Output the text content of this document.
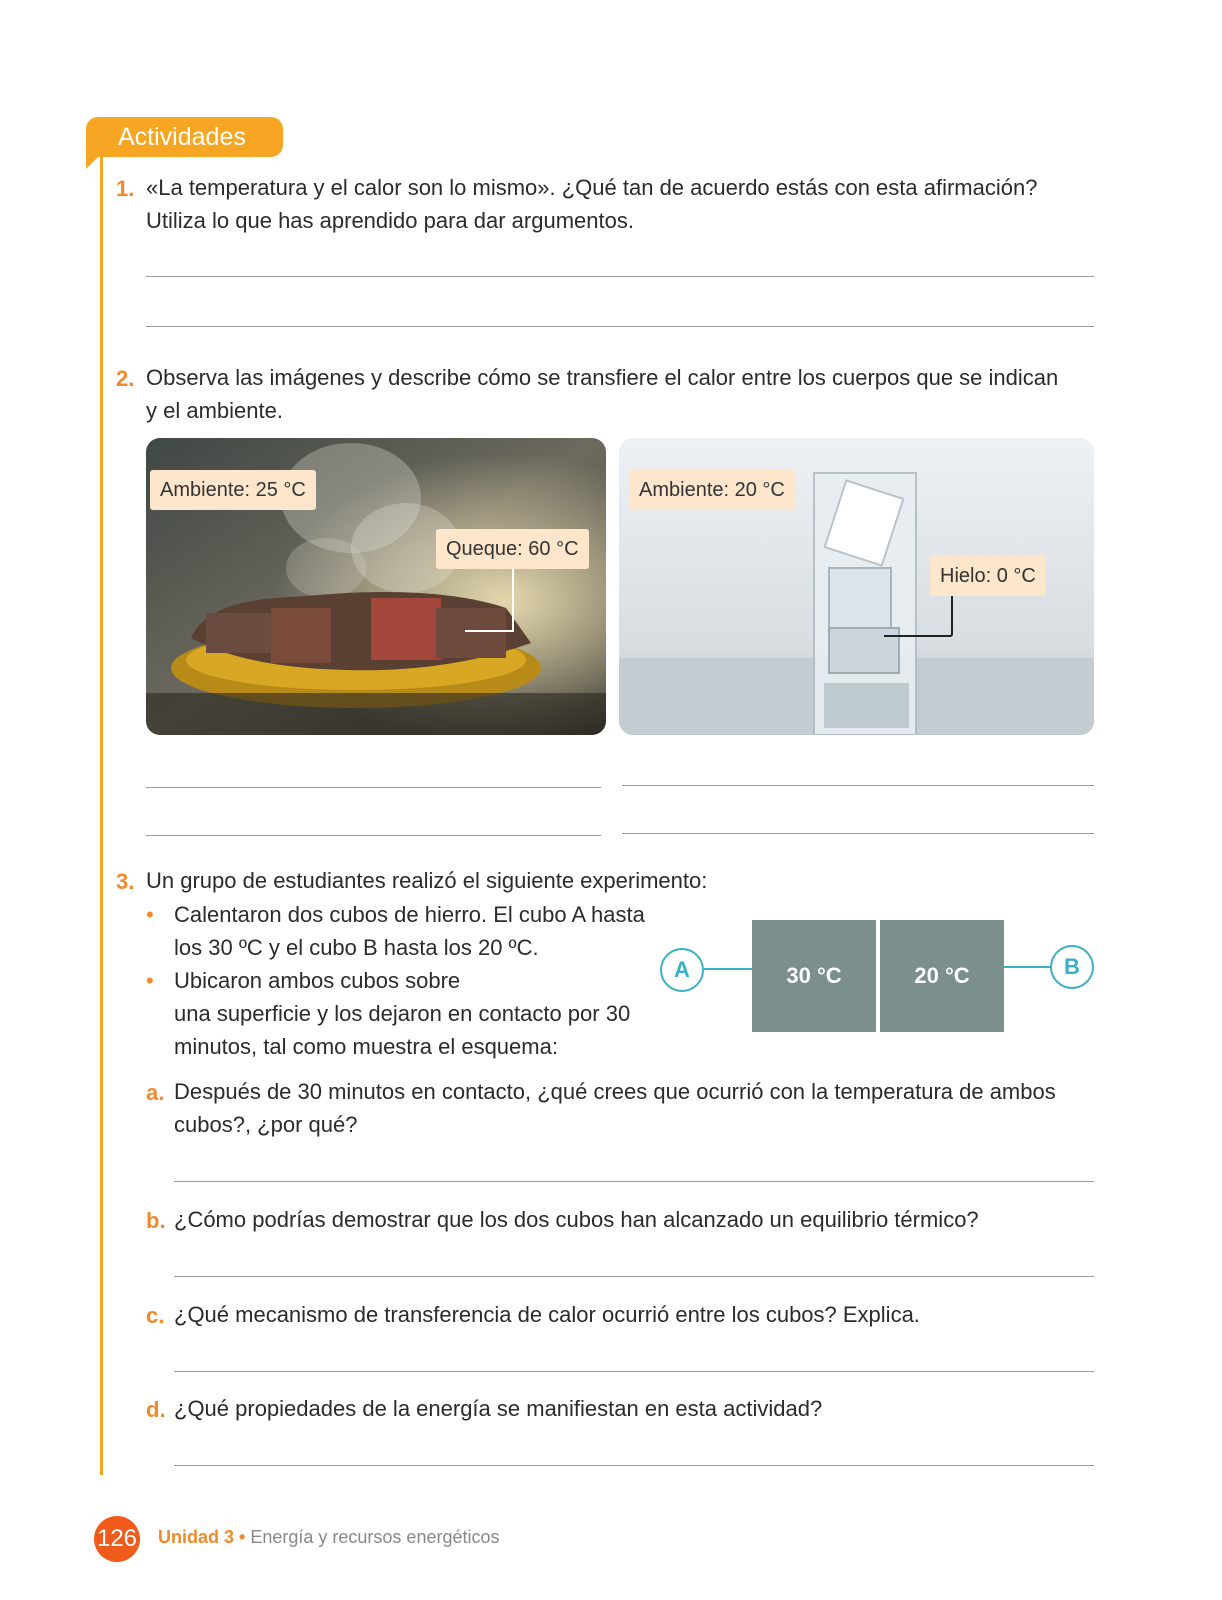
Actividades
1. «La temperatura y el calor son lo mismo». ¿Qué tan de acuerdo estás con esta afirmación?
Utiliza lo que has aprendido para dar argumentos.
2. Observa las imágenes y describe cómo se transfiere el calor entre los cuerpos que se indican
y el ambiente.
Ambiente: 25 °C
Queque: 60 °C
Ambiente: 20 °C
Hielo: 0 °C
3. Un grupo de estudiantes realizó el siguiente experimento:
• Calentaron dos cubos de hierro. El cubo A hasta
los 30 ºC y el cubo B hasta los 20 ºC.
• Ubicaron ambos cubos sobre
una superficie y los dejaron en contacto por 30
minutos, tal como muestra el esquema:
A	30 °C	20 °C	B
a. Después de 30 minutos en contacto, ¿qué crees que ocurrió con la temperatura de ambos
cubos?, ¿por qué?
b. ¿Cómo podrías demostrar que los dos cubos han alcanzado un equilibrio térmico?
c. ¿Qué mecanismo de transferencia de calor ocurrió entre los cubos? Explica.
d. ¿Qué propiedades de la energía se manifiestan en esta actividad?
126 Unidad 3 • Energía y recursos energéticos
